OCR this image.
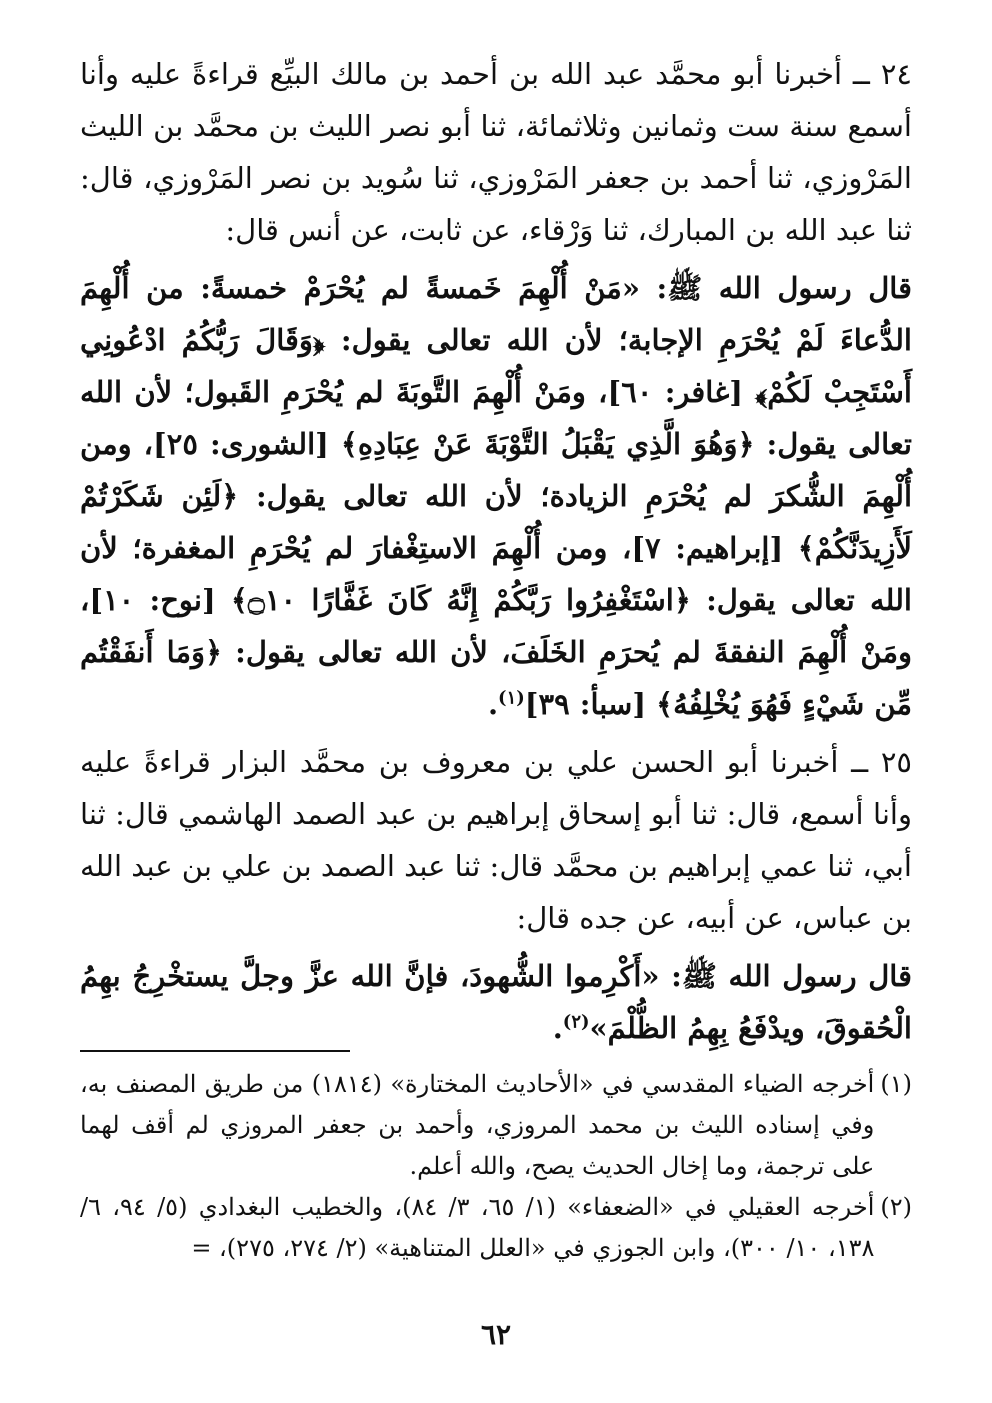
٢٤ ــ أخبرنا أبو محمَّد عبد الله بن أحمد بن مالك البيِّع قراءةً عليه وأنا أسمع سنة ست وثمانين وثلاثمائة، ثنا أبو نصر الليث بن محمَّد بن الليث المَرْوزي، ثنا أحمد بن جعفر المَرْوزي، ثنا سُويد بن نصر المَرْوزي، قال: ثنا عبد الله بن المبارك، ثنا وَرْقاء، عن ثابت، عن أنس قال:

قال رسول الله ﷺ: «مَنْ أُلْهِمَ خَمسةً لم يُحْرَمْ خمسةً: من أُلْهِمَ الدُّعاءَ لَمْ يُحْرَمِ الإجابة؛ لأن الله تعالى يقول: ﴿وَقَالَ رَبُّكُمُ ادْعُونِي أَسْتَجِبْ لَكُمْ﴾ [غافر: ٦٠]، ومَنْ أُلْهِمَ التَّوبَةَ لم يُحْرَمِ القَبول؛ لأن الله تعالى يقول: ﴿وَهُوَ الَّذِي يَقْبَلُ التَّوْبَةَ عَنْ عِبَادِهِ﴾ [الشورى: ٢٥]، ومن أُلْهِمَ الشُّكرَ لم يُحْرَمِ الزيادة؛ لأن الله تعالى يقول: ﴿لَئِن شَكَرْتُمْ لَأَزِيدَنَّكُمْ﴾ [إبراهيم: ٧]، ومن أُلْهِمَ الاستِغْفارَ لم يُحْرَمِ المغفرة؛ لأن الله تعالى يقول: ﴿اسْتَغْفِرُوا رَبَّكُمْ إِنَّهُ كَانَ غَفَّارًا ۝١٠﴾ [نوح: ١٠]، ومَنْ أُلْهِمَ النفقةَ لم يُحرَمِ الخَلَفَ، لأن الله تعالى يقول: ﴿وَمَا أَنفَقْتُم مِّن شَيْءٍ فَهُوَ يُخْلِفُهُ﴾ [سبأ: ٣٩]$^{(١)}$.

٢٥ ــ أخبرنا أبو الحسن علي بن معروف بن محمَّد البزار قراءةً عليه وأنا أسمع، قال: ثنا أبو إسحاق إبراهيم بن عبد الصمد الهاشمي قال: ثنا أبي، ثنا عمي إبراهيم بن محمَّد قال: ثنا عبد الصمد بن علي بن عبد الله بن عباس، عن أبيه، عن جده قال:

قال رسول الله ﷺ: «أَكْرِموا الشُّهودَ، فإنَّ الله عزَّ وجلَّ يستخْرِجُ بهِمُ الْحُقوقَ، ويدْفَعُ بِهِمُ الظُّلْمَ»$^{(٢)}$.

(١)
أخرجه الضياء المقدسي في «الأحاديث المختارة» (١٨١٤) من طريق المصنف به، وفي إسناده الليث بن محمد المروزي، وأحمد بن جعفر المروزي لم أقف لهما على ترجمة، وما إخال الحديث يصح، والله أعلم.

(٢)
أخرجه العقيلي في «الضعفاء» (١/ ٦٥، ٣/ ٨٤)، والخطيب البغدادي (٥/ ٩٤، ٦/ ١٣٨، ١٠/ ٣٠٠)، وابن الجوزي في «العلل المتناهية» (٢/ ٢٧٤، ٢٧٥)، =

٦٢
